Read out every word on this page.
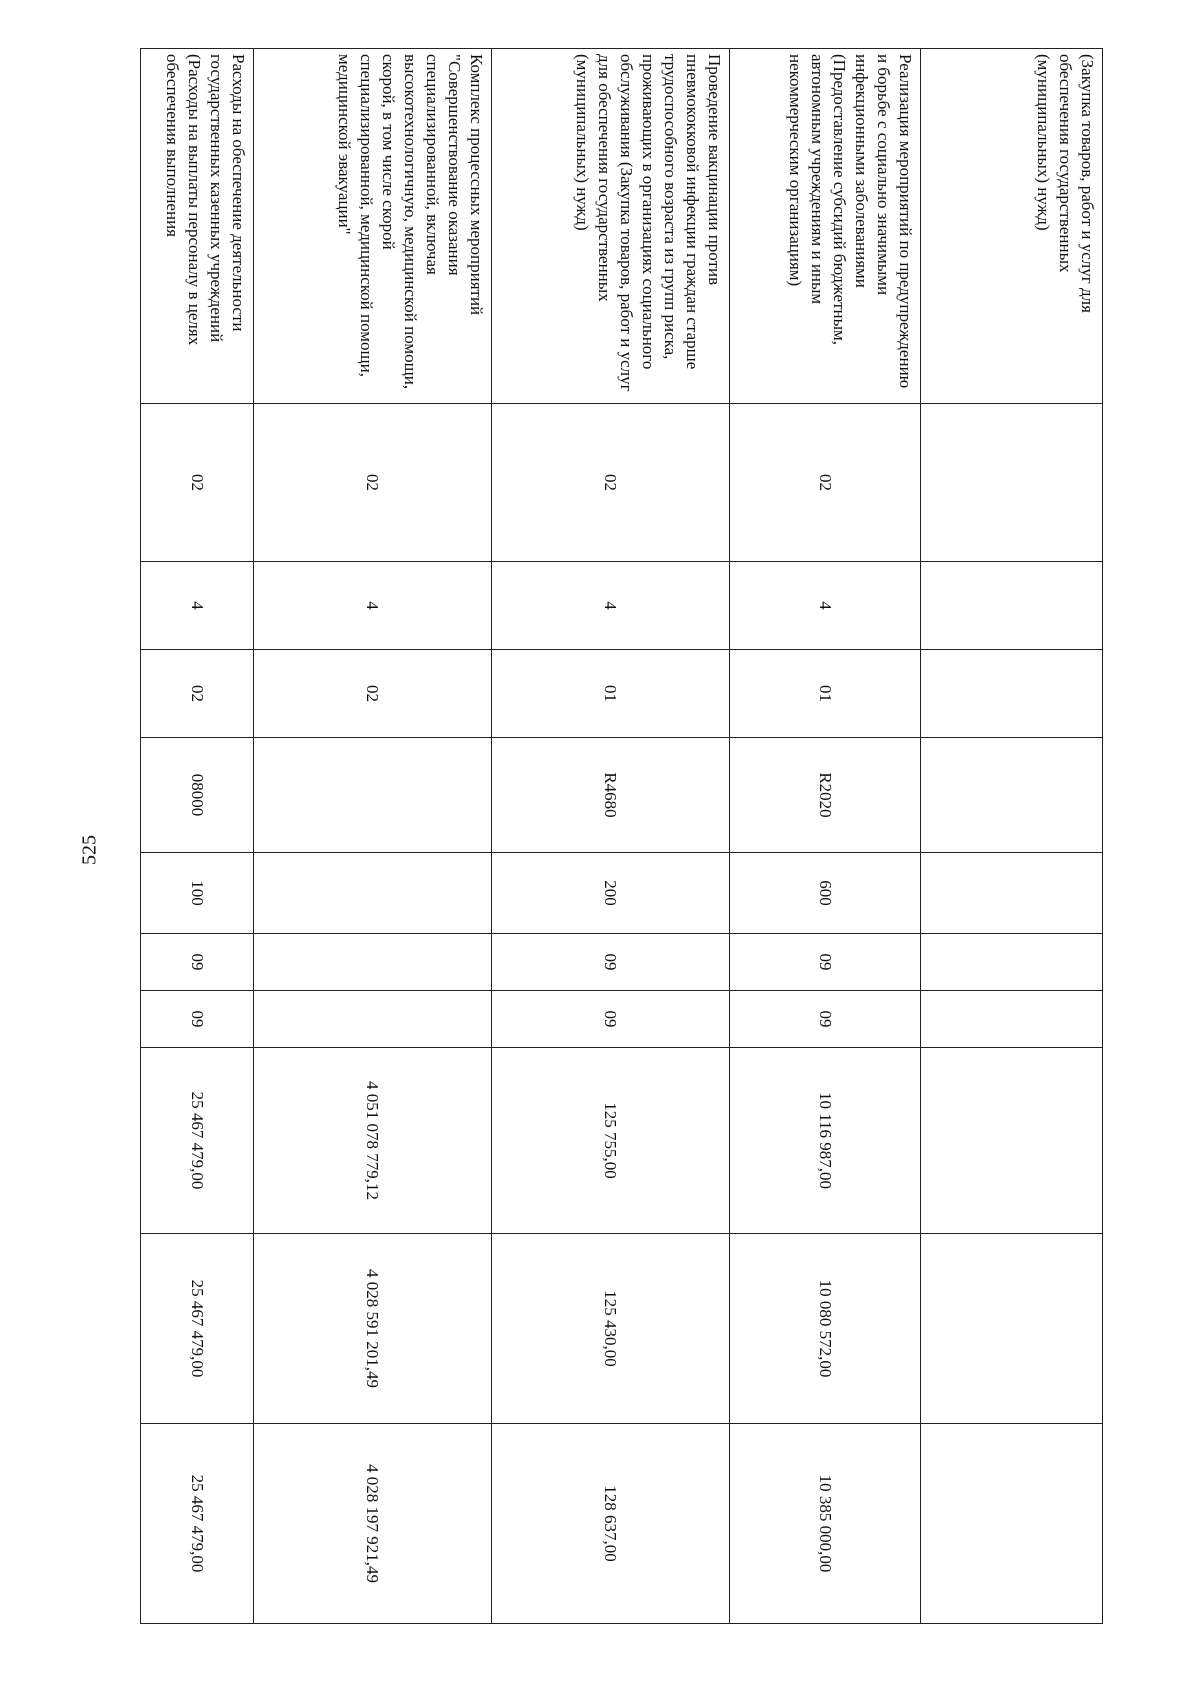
525
(Закупка товаров, работ и услуг для обеспечения государственных (муниципальных) нужд)										
Реализация мероприятий по предупреждению и борьбе с социально значимыми инфекционными заболеваниями (Предоставление субсидий бюджетным, автономным учреждениям и иным некоммерческим организациям)	02	4	01	R2020	600	09	09	10 116 987,00	10 080 572,00	10 385 000,00
Проведение вакцинации против пневмококковой инфекции граждан старше трудоспособного возраста из групп риска, проживающих в организациях социального обслуживания (Закупка товаров, работ и услуг для обеспечения государственных (муниципальных) нужд)	02	4	01	R4680	200	09	09	125 755,00	125 430,00	128 637,00
Комплекс процессных мероприятий "Совершенствование оказания специализированной, включая высокотехнологичную, медицинской помощи, скорой, в том числе скорой специализированной, медицинской помощи, медицинской эвакуации"	02	4	02					4 051 078 779,12	4 028 591 201,49	4 028 197 921,49
Расходы на обеспечение деятельности государственных казенных учреждений (Расходы на выплаты персоналу в целях обеспечения выполнения	02	4	02	08000	100	09	09	25 467 479,00	25 467 479,00	25 467 479,00
